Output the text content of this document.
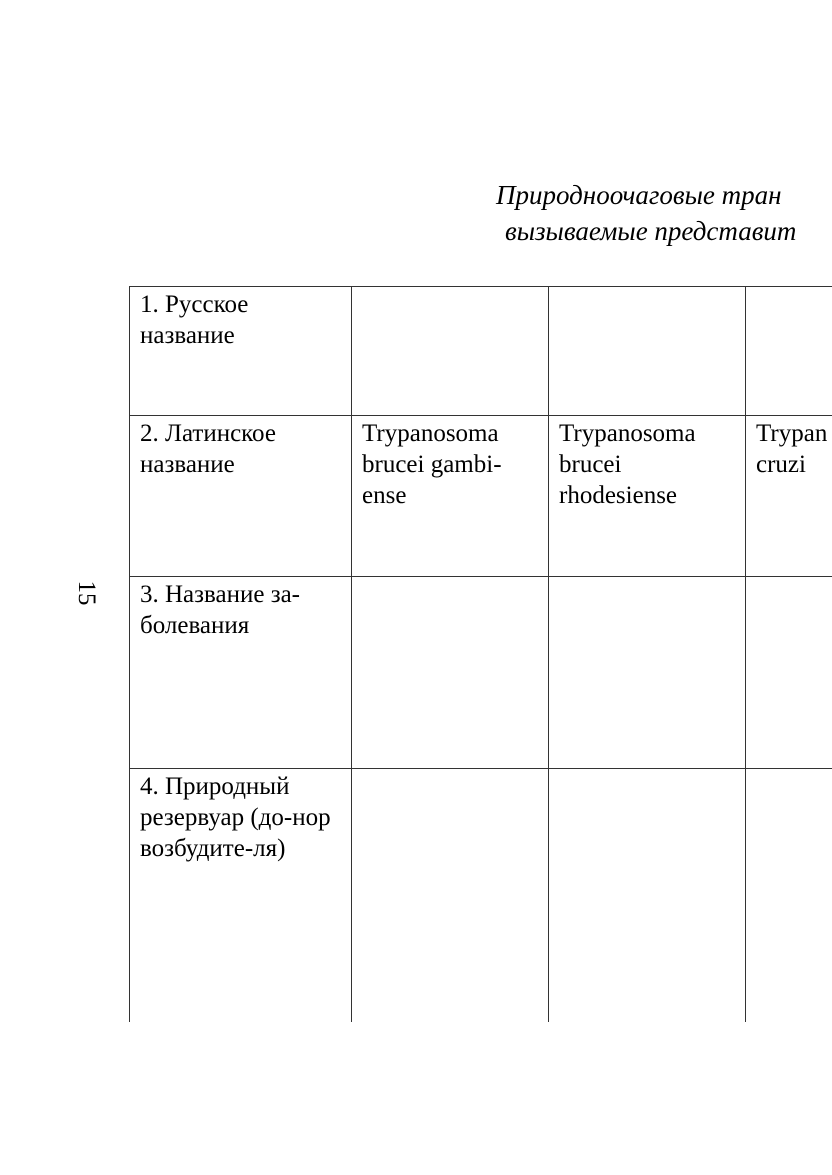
Природноочаговые тран
вызываемые представит
15
1. Русское название			

2. Латинское название	Trypanosoma brucei gambi-ense	Trypanosoma brucei rhodesiense	Trypan cruzi

3. Название за-болевания			

4. Природный резервуар (до-нор возбудите-ля)			
